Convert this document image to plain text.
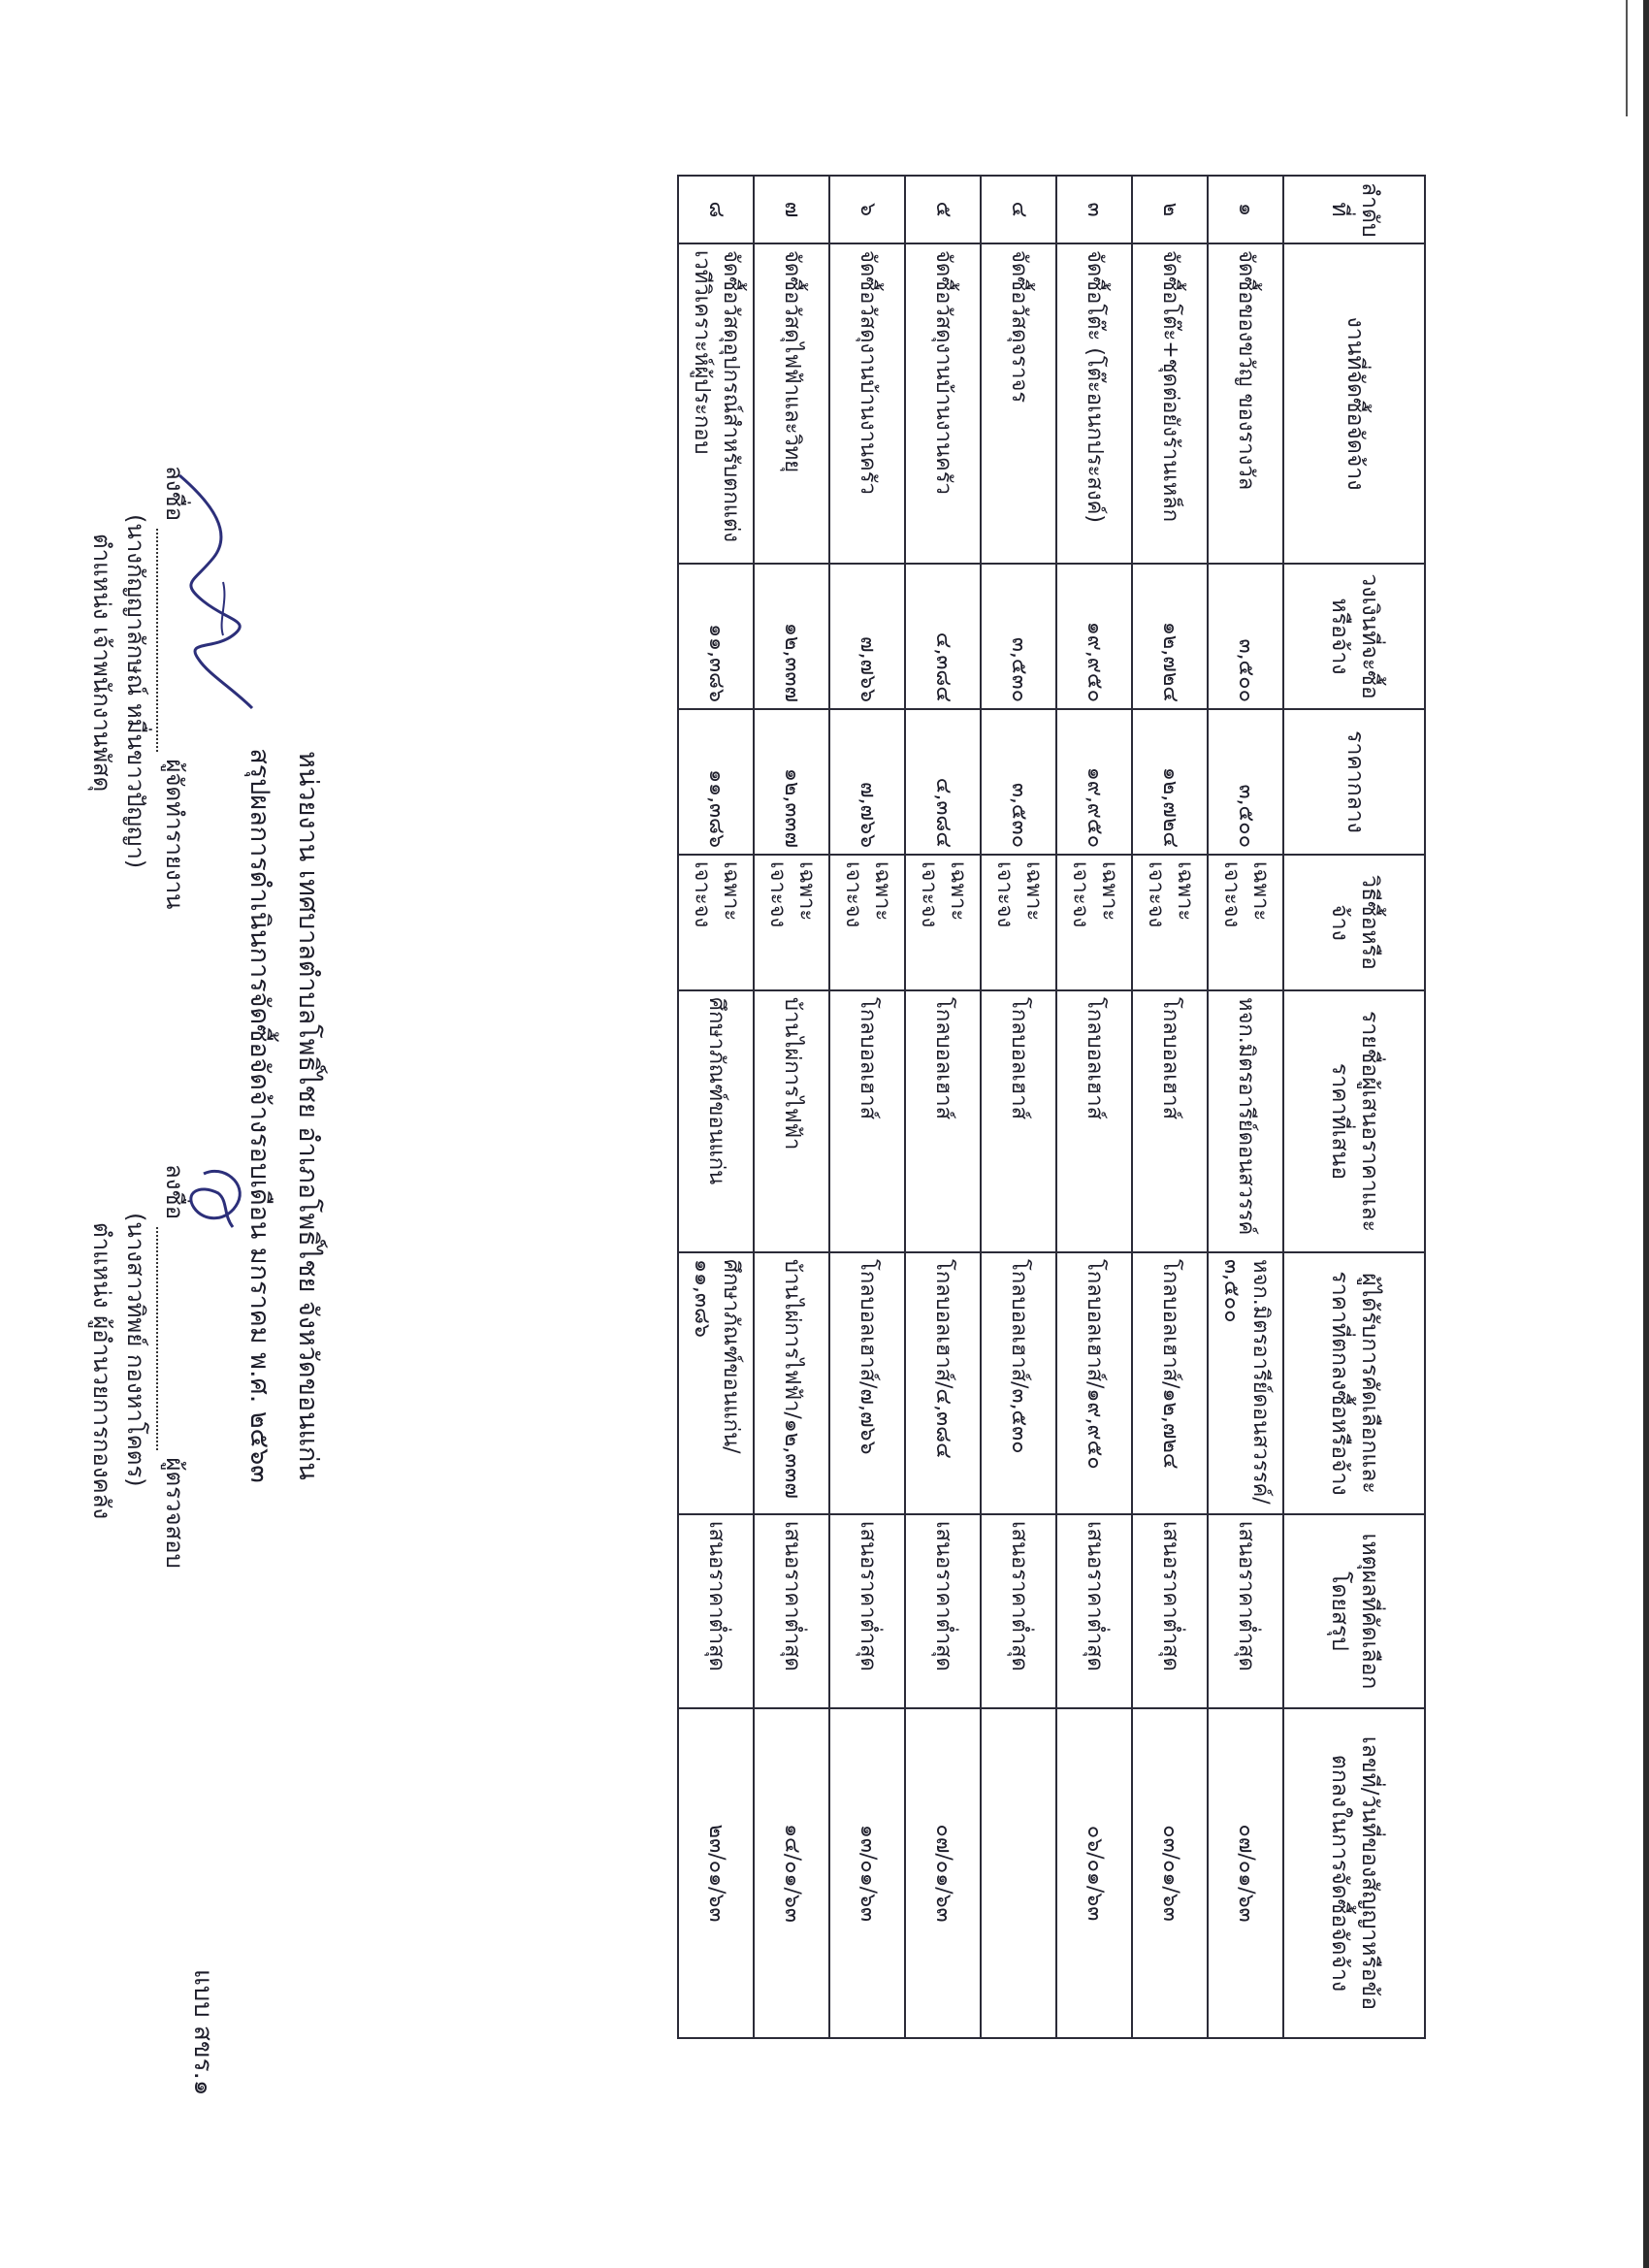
แบบ สขร.๑
สรุปผลการดำเนินการจัดซื้อจัดจ้างรอบเดือน มกราคม พ.ศ. ๒๕๖๓ หน่วยงาน เทศบาลตำบลโพธิ์ไชย อำเภอโพธิ์ไชย จังหวัดขอนแก่น
ลำดับที่	งานที่จัดซื้อจัดจ้าง	วงเงินที่จะซื้อหรือจ้าง	ราคากลาง	วิธีซื้อหรือจ้าง	รายชื่อผู้เสนอราคาและราคาที่เสนอ	ผู้ได้รับการคัดเลือกและราคาที่ตกลงซื้อหรือจ้าง	เหตุผลที่คัดเลือกโดยสรุป	เลขที่/วันที่ของสัญญาหรือข้อตกลงในการจัดซื้อจัดจ้าง
๑	จัดซื้อของขวัญ ของรางวัล	๓,๕๐๐	๓,๕๐๐	เฉพาะเจาะจง	หจก.มิตรอารีย์ดอนสวรรค์	หจก.มิตรอารีย์ดอนสวรรค์/๓,๕๐๐	เสนอราคาต่ำสุด	๐๗/๐๑/๖๓
๒	จัดซื้อโต๊ะ+ชุดต่อยังร้านเหล็ก	๑๒,๗๒๔	๑๒,๗๒๔	เฉพาะเจาะจง	โกลบอลเฮาส์	โกลบอลเฮาส์/๑๒,๗๒๔	เสนอราคาต่ำสุด	๐๓/๐๑/๖๓
๓	จัดซื้อโต๊ะ (โต๊ะอเนกประสงค์)	๑๙,๙๕๐	๑๙,๙๕๐	เฉพาะเจาะจง	โกลบอลเฮาส์	โกลบอลเฮาส์/๑๙,๙๕๐	เสนอราคาต่ำสุด	๐๖/๐๑/๖๓
๔	จัดซื้อวัสดุจราจร	๓,๕๓๐	๓,๕๓๐	เฉพาะเจาะจง	โกลบอลเฮาส์	โกลบอลเฮาส์/๓,๕๓๐	เสนอราคาต่ำสุด	
๕	จัดซื้อวัสดุงานบ้านงานครัว	๔,๓๘๔	๔,๓๘๔	เฉพาะเจาะจง	โกลบอลเฮาส์	โกลบอลเฮาส์/๔,๓๘๔	เสนอราคาต่ำสุด	๐๗/๐๑/๖๓
๖	จัดซื้อวัสดุงานบ้านงานครัว	๗,๗๖๖	๗,๗๖๖	เฉพาะเจาะจง	โกลบอลเฮาส์	โกลบอลเฮาส์/๗,๗๖๖	เสนอราคาต่ำสุด	๑๓/๐๑/๖๓
๗	จัดซื้อวัสดุไฟฟ้าและวิทยุ	๑๒,๓๓๗	๑๒,๓๓๗	เฉพาะเจาะจง	บ้านไผ่การไฟฟ้า	บ้านไผ่การไฟฟ้า/๑๒,๓๓๗	เสนอราคาต่ำสุด	๑๔/๐๑/๖๓
๘	จัดซื้อวัสดุอุปกรณ์สำหรับตกแต่งเวทีวิเคราะห์ผู้ประกอบ	๑๑,๓๘๖	๑๑,๓๘๖	เฉพาะเจาะจง	ศึกษาภัณฑ์ขอนแก่น	ศึกษาภัณฑ์ขอนแก่น/๑๑,๓๘๖	เสนอราคาต่ำสุด	๒๓/๐๑/๖๓
ลงชื่อ  ผู้จัดทำรายงาน
(นางกัญญาลักษณ์ หมื่นขาวปัญญา)
ตำแหน่ง เจ้าพนักงานพัสดุ
ลงชื่อ  ผู้ตรวจสอบ
(นางสาวทิพย์ กองหาโคตร)
ตำแหน่ง ผู้อำนวยการกองคลัง
